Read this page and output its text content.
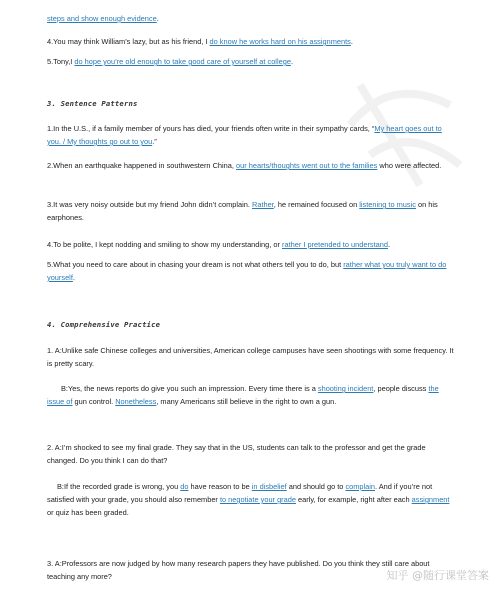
steps and show enough evidence.

4.You may think William’s lazy, but as his friend, I do know he works hard on his assignments.

5.Tony,I do hope you’re old enough to take good care of yourself at college.

3. Sentence Patterns

1.In the U.S., if a family member of yours has died, your friends often write in their sympathy cards, “My heart goes out to you. / My thoughts go out to you.”

2.When an earthquake happened in southwestern China, our hearts/thoughts went out to the families who were affected.

3.It was very noisy outside but my friend John didn’t complain. Rather, he remained focused on listening to music on his earphones.

4.To be polite, I kept nodding and smiling to show my understanding, or rather I pretended to understand.

5.What you need to care about in chasing your dream is not what others tell you to do, but rather what you truly want to do yourself.

4. Comprehensive Practice

1. A:Unlike safe Chinese colleges and universities, American college campuses have seen shootings with some frequency. It is pretty scary.

B:Yes, the news reports do give you such an impression. Every time there is a shooting incident, people discuss the issue of gun control. Nonetheless, many Americans still believe in the right to own a gun.

2. A:I’m shocked to see my final grade. They say that in the US, students can talk to the professor and get the grade changed. Do you think I can do that?

B:If the recorded grade is wrong, you do have reason to be in disbelief and should go to complain. And if you’re not satisfied with your grade, you should also remember to negotiate your grade early, for example, right after each assignment or quiz has been graded.

3. A:Professors are now judged by how many research papers they have published. Do you think they still care about teaching any more?	知乎 @随行课堂答案
